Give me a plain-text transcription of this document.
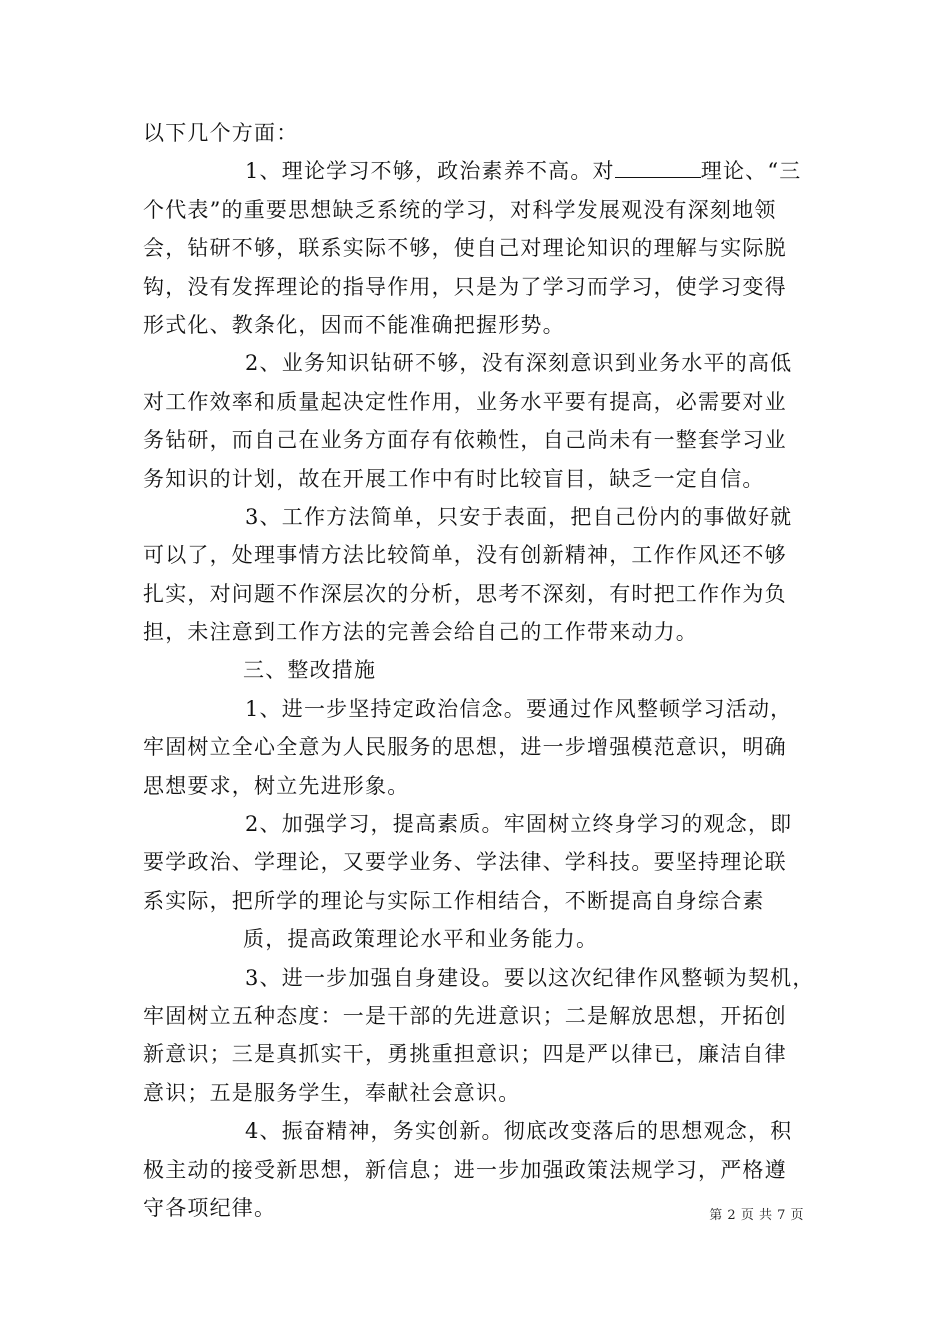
以下几个方面：
1、理论学习不够，政治素养不高。对	理论、“三
个代表”的重要思想缺乏系统的学习，对科学发展观没有深刻地领
会，钻研不够，联系实际不够，使自己对理论知识的理解与实际脱
钩，没有发挥理论的指导作用，只是为了学习而学习，使学习变得
形式化、教条化，因而不能准确把握形势。
2、业务知识钻研不够，没有深刻意识到业务水平的高低
对工作效率和质量起决定性作用，业务水平要有提高，必需要对业
务钻研，而自己在业务方面存有依赖性，自己尚未有一整套学习业
务知识的计划，故在开展工作中有时比较盲目，缺乏一定自信。
3、工作方法简单，只安于表面，把自己份内的事做好就
可以了，处理事情方法比较简单，没有创新精神，工作作风还不够
扎实，对问题不作深层次的分析，思考不深刻，有时把工作作为负
担，未注意到工作方法的完善会给自己的工作带来动力。
三、整改措施
1、进一步坚持定政治信念。要通过作风整顿学习活动，
牢固树立全心全意为人民服务的思想，进一步增强模范意识，明确
思想要求，树立先进形象。
2、加强学习，提高素质。牢固树立终身学习的观念，即
要学政治、学理论，又要学业务、学法律、学科技。要坚持理论联
系实际，把所学的理论与实际工作相结合，不断提高自身综合素
质，提高政策理论水平和业务能力。
3、进一步加强自身建设。要以这次纪律作风整顿为契机，
牢固树立五种态度：一是干部的先进意识；二是解放思想，开拓创
新意识；三是真抓实干，勇挑重担意识；四是严以律已，廉洁自律
意识；五是服务学生，奉献社会意识。
4、振奋精神，务实创新。彻底改变落后的思想观念，积
极主动的接受新思想，新信息；进一步加强政策法规学习，严格遵
守各项纪律。	第 2 页 共 7 页
